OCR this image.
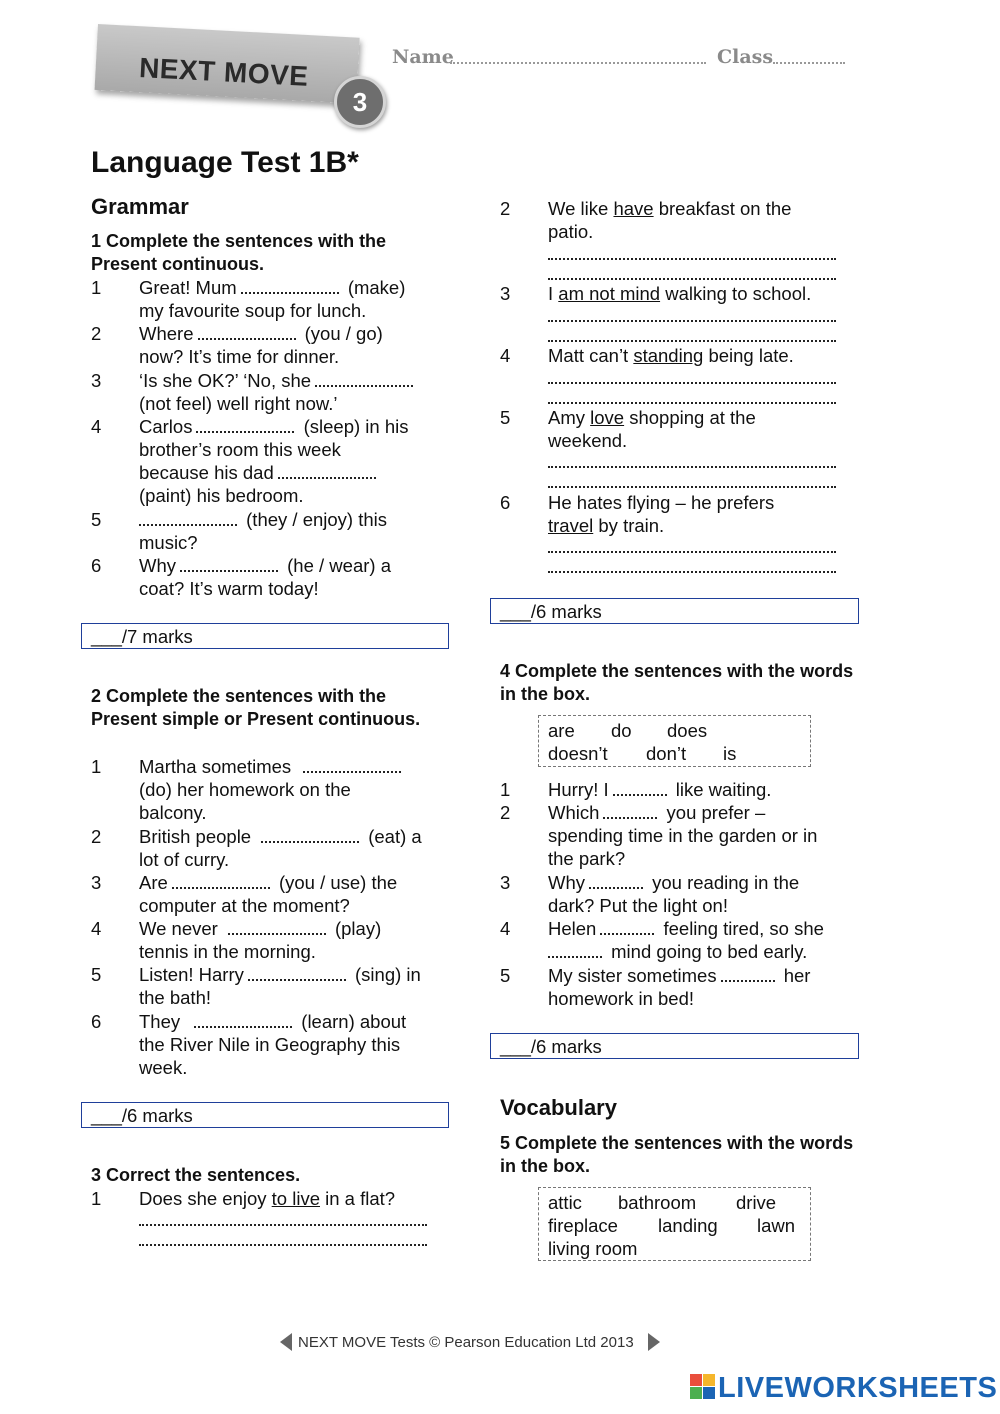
NEXT MOVE
3
Name	Class
Language Test 1B*
Grammar
1 Complete the sentences with the Present continuous.
1 Great! Mum	(make)
my favourite soup for lunch.
2 Where	(you / go)
now? It’s time for dinner.
3 ‘Is she OK?’ ‘No, she
(not feel) well right now.’
4 Carlos	(sleep) in his
brother’s room this week
because his dad
(paint) his bedroom.
5	(they / enjoy) this
music?
6 Why	(he / wear) a
coat? It’s warm today!
___/7 marks
2 Complete the sentences with the Present simple or Present continuous.
1 Martha sometimes
(do) her homework on the
balcony.
2 British people	(eat) a
lot of curry.
3 Are	(you / use) the
computer at the moment?
4 We never	(play)
tennis in the morning.
5 Listen! Harry	(sing) in
the bath!
6 They	(learn) about
the River Nile in Geography this
week.
___/6 marks
3 Correct the sentences.
1 Does she enjoy to live in a flat?
2 We like have breakfast on the
patio.
3 I am not mind walking to school.
4 Matt can’t standing being late.
5 Amy love shopping at the
weekend.
6 He hates flying – he prefers
travel by train.
___/6 marks
4 Complete the sentences with the words in the box.
are do does
doesn’t don’t is
1 Hurry! I	like waiting.
2 Which	you prefer –
spending time in the garden or in
the park?
3 Why	you reading in the
dark? Put the light on!
4 Helen	feeling tired, so she
mind going to bed early.
5 My sister sometimes	her
homework in bed!
___/6 marks
Vocabulary
5 Complete the sentences with the words in the box.
attic bathroom drive
fireplace landing lawn
living room
NEXT MOVE Tests © Pearson Education Ltd 2013
LIVEWORKSHEETS
